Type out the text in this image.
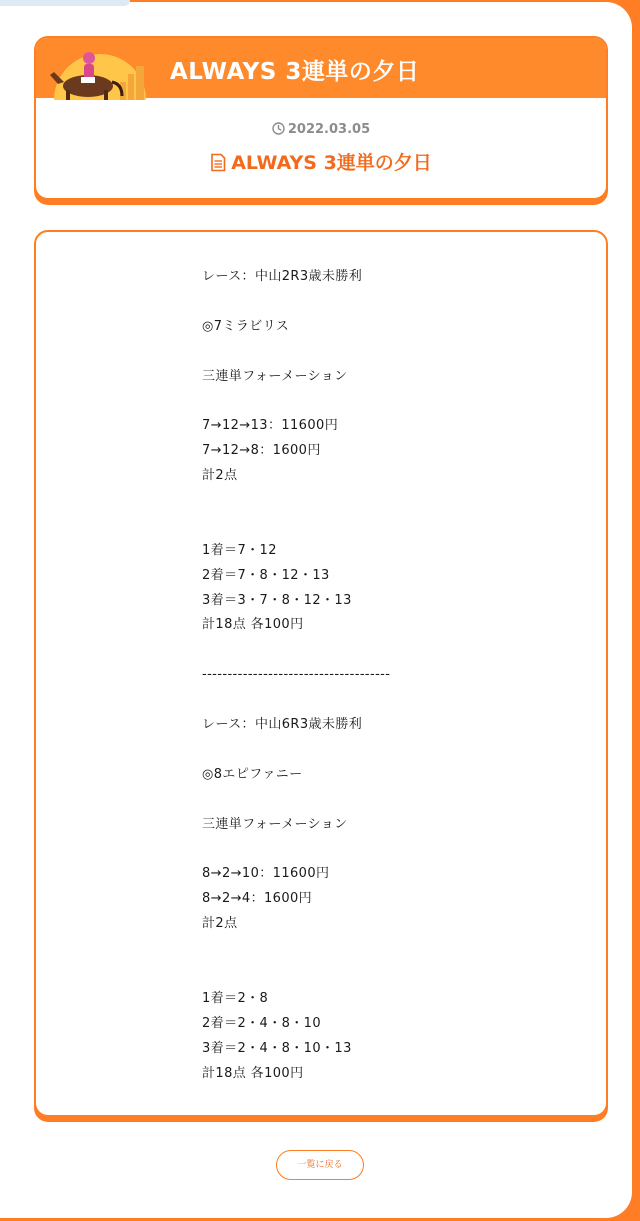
ALWAYS 3連単の夕日
2022.03.05
ALWAYS 3連単の夕日
レース：中山2R3歳未勝利
◎7ミラビリス
三連単フォーメーション
7→12→13：11600円
7→12→8：1600円
計2点
1着＝7・12
2着＝7・8・12・13
3着＝3・7・8・12・13
計18点 各100円
-------------------------------------
レース：中山6R3歳未勝利
◎8エピファニー
三連単フォーメーション
8→2→10：11600円
8→2→4：1600円
計2点
1着＝2・8
2着＝2・4・8・10
3着＝2・4・8・10・13
計18点 各100円
一覧に戻る
